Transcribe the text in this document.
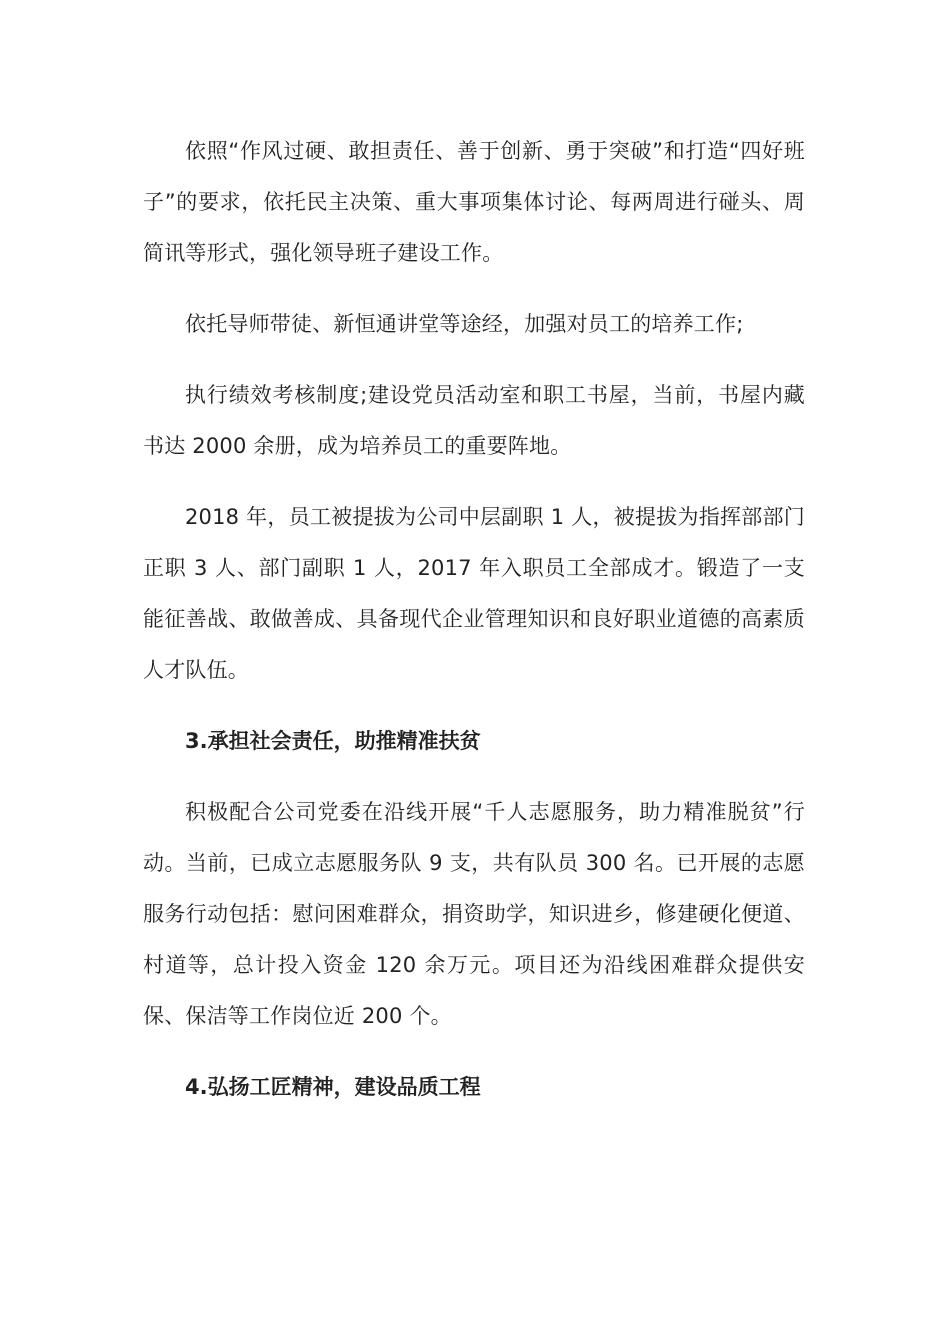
依照“作风过硬、敢担责任、善于创新、勇于突破”和打造“四好班子”的要求，依托民主决策、重大事项集体讨论、每两周进行碰头、周简讯等形式，强化领导班子建设工作。

依托导师带徒、新恒通讲堂等途经，加强对员工的培养工作;

执行绩效考核制度;建设党员活动室和职工书屋，当前，书屋内藏书达 2000 余册，成为培养员工的重要阵地。

2018 年，员工被提拔为公司中层副职 1 人，被提拔为指挥部部门正职 3 人、部门副职 1 人，2017 年入职员工全部成才。锻造了一支能征善战、敢做善成、具备现代企业管理知识和良好职业道德的高素质人才队伍。

3.承担社会责任，助推精准扶贫

积极配合公司党委在沿线开展“千人志愿服务，助力精准脱贫”行动。当前，已成立志愿服务队 9 支，共有队员 300 名。已开展的志愿服务行动包括：慰问困难群众，捐资助学，知识进乡，修建硬化便道、村道等，总计投入资金 120 余万元。项目还为沿线困难群众提供安保、保洁等工作岗位近 200 个。

4.弘扬工匠精神，建设品质工程
